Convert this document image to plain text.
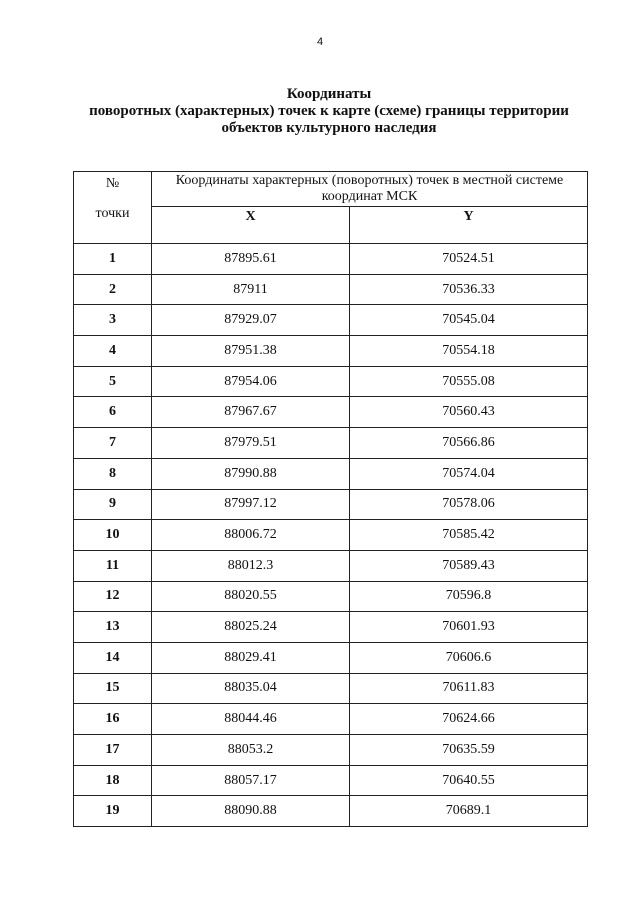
4
Координаты
поворотных (характерных) точек к карте (схеме) границы территории
объектов культурного наследия
№
точки	Координаты характерных (поворотных) точек в местной системе координат МСК	
	X	Y
1	87895.61	70524.51
2	87911	70536.33
3	87929.07	70545.04
4	87951.38	70554.18
5	87954.06	70555.08
6	87967.67	70560.43
7	87979.51	70566.86
8	87990.88	70574.04
9	87997.12	70578.06
10	88006.72	70585.42
11	88012.3	70589.43
12	88020.55	70596.8
13	88025.24	70601.93
14	88029.41	70606.6
15	88035.04	70611.83
16	88044.46	70624.66
17	88053.2	70635.59
18	88057.17	70640.55
19	88090.88	70689.1
